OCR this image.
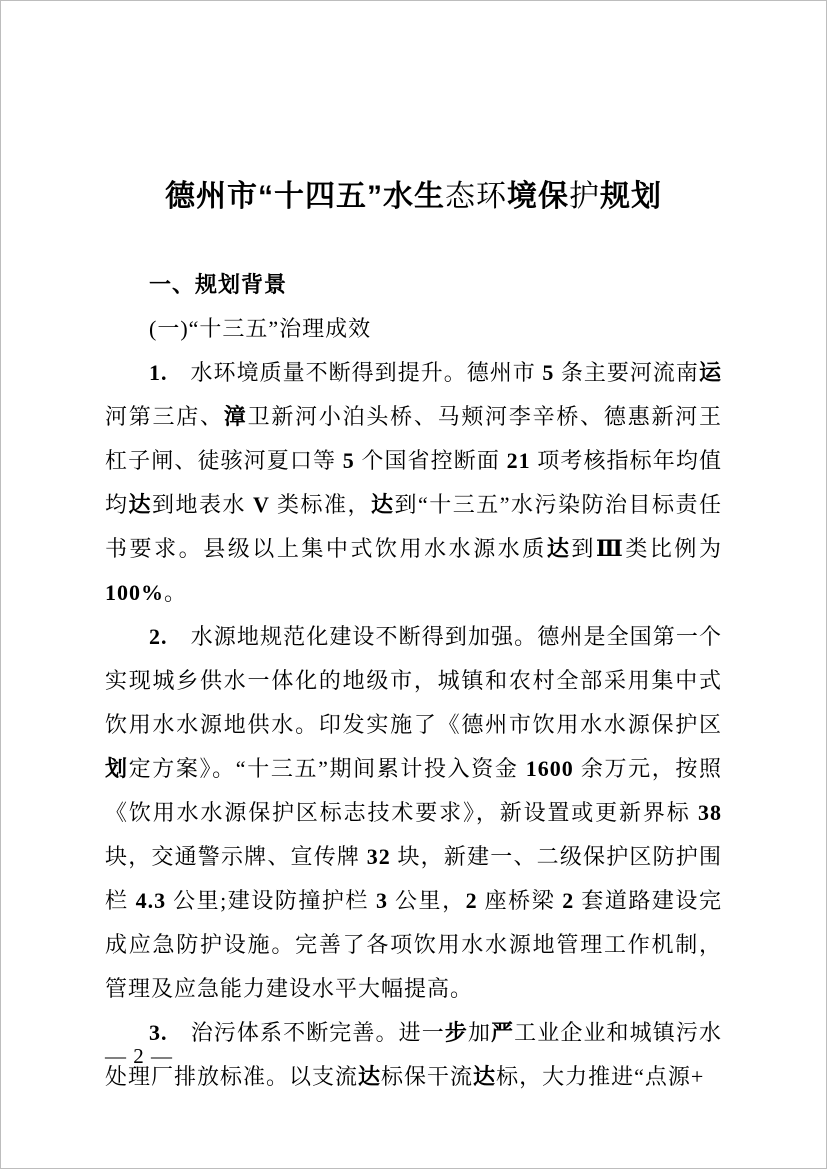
德州市“十四五”水生态环境保护规划
一、规划背景
(一)“十三五”治理成效

1.　水环境质量不断得到提升。德州市 5 条主要河流南运河第三店、漳卫新河小泊头桥、马颊河李辛桥、德惠新河王杠子闸、徒骇河夏口等 5 个国省控断面 21 项考核指标年均值均达到地表水 V 类标准，达到“十三五”水污染防治目标责任书要求。县级以上集中式饮用水水源水质达到Ⅲ类比例为 100%。

2.　水源地规范化建设不断得到加强。德州是全国第一个实现城乡供水一体化的地级市，城镇和农村全部采用集中式饮用水水源地供水。印发实施了《德州市饮用水水源保护区划定方案》。“十三五”期间累计投入资金 1600 余万元，按照《饮用水水源保护区标志技术要求》，新设置或更新界标 38 块，交通警示牌、宣传牌 32 块，新建一、二级保护区防护围栏 4.3 公里;建设防撞护栏 3 公里，2 座桥梁 2 套道路建设完成应急防护设施。完善了各项饮用水水源地管理工作机制，管理及应急能力建设水平大幅提高。

3.　治污体系不断完善。进一步加严工业企业和城镇污水处理厂排放标准。以支流达标保干流达标，大力推进“点源+

— 2 —
